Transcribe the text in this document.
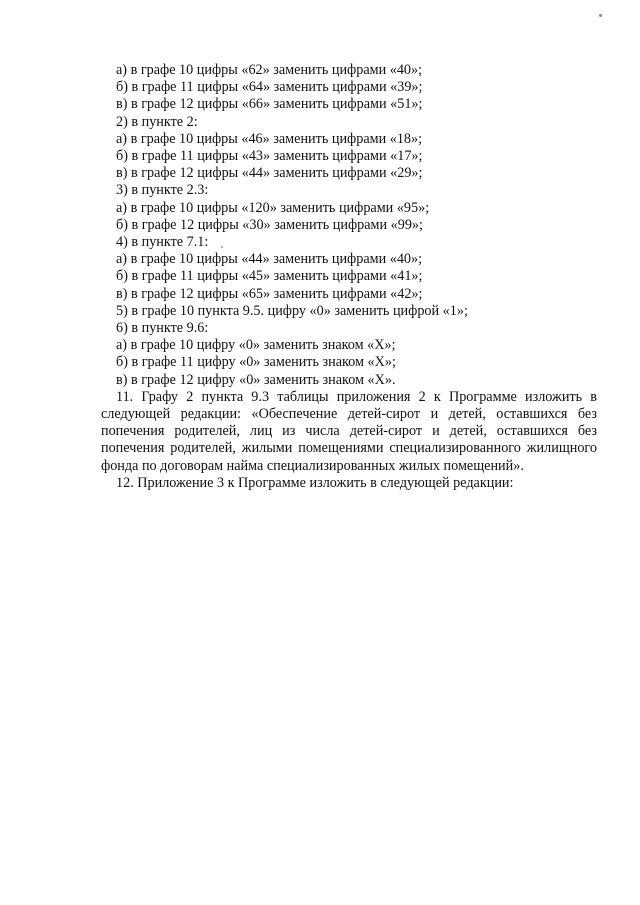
а) в графе 10 цифры «62» заменить цифрами «40»;
б) в графе 11 цифры «64» заменить цифрами «39»;
в) в графе 12 цифры «66» заменить цифрами «51»;
2) в пункте 2:
а) в графе 10 цифры «46» заменить цифрами «18»;
б) в графе 11 цифры «43» заменить цифрами «17»;
в) в графе 12 цифры «44» заменить цифрами «29»;
3) в пункте 2.3:
а) в графе 10 цифры «120» заменить цифрами «95»;
б) в графе 12 цифры «30» заменить цифрами «99»;
4) в пункте 7.1:
а) в графе 10 цифры «44» заменить цифрами «40»;
б) в графе 11 цифры «45» заменить цифрами «41»;
в) в графе 12 цифры «65» заменить цифрами «42»;
5) в графе 10 пункта 9.5. цифру «0» заменить цифрой «1»;
6) в пункте 9.6:
а) в графе 10 цифру «0» заменить знаком «Х»;
б) в графе 11 цифру «0» заменить знаком «Х»;
в) в графе 12 цифру «0» заменить знаком «Х».
11. Графу 2 пункта 9.3 таблицы приложения 2 к Программе изложить в следующей редакции: «Обеспечение детей-сирот и детей, оставшихся без попечения родителей, лиц из числа детей-сирот и детей, оставшихся без попечения родителей, жилыми помещениями специализированного жилищного фонда по договорам найма специализированных жилых помещений».
12. Приложение 3 к Программе изложить в следующей редакции:
